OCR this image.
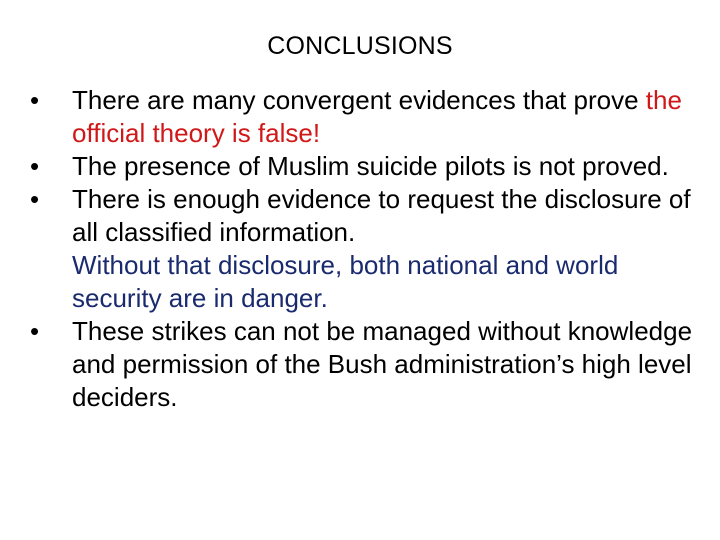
CONCLUSIONS
•	There are many convergent evidences that prove the official theory is false!
•	The presence of Muslim suicide pilots is not proved.
•	There is enough evidence to request the disclosure of all classified information.
Without that disclosure, both national and world security are in danger.
•	These strikes can not be managed without knowledge and permission of the Bush administration’s high level deciders.
